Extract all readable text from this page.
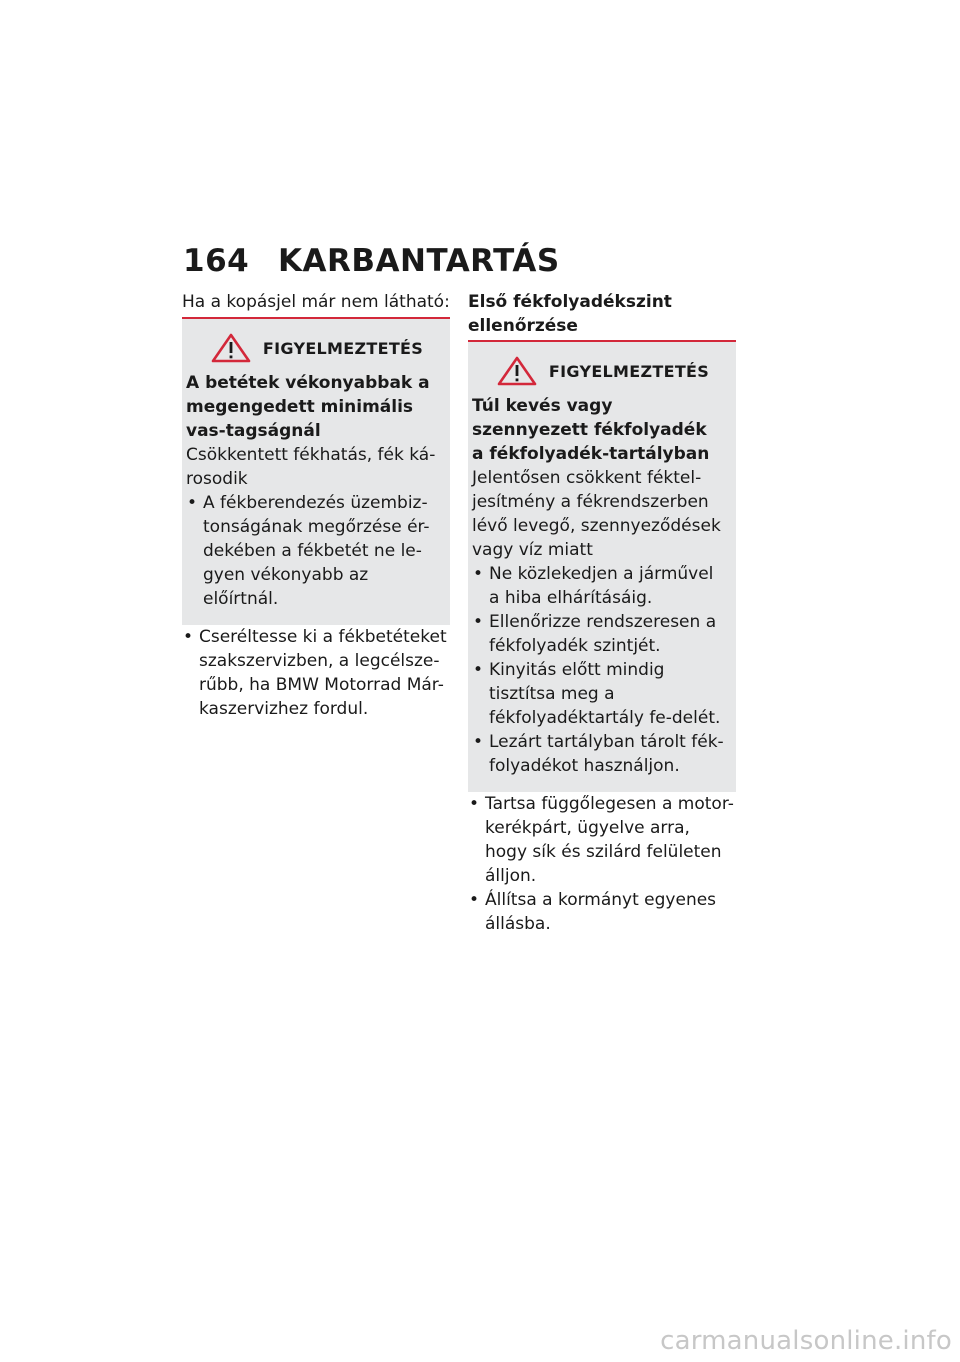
164 KARBANTARTÁS
Ha a kopásjel már nem látható:
FIGYELMEZTETÉS
A betétek vékonyabbak a megengedett minimális vas-tagságnál
Csökkentett fékhatás, fék ká-rosodik
• A fékberendezés üzembiz-tonságának megőrzése ér-dekében a fékbetét ne le-gyen vékonyabb az előírtnál.
• Cseréltesse ki a fékbetéteket szakszervizben, a legcélsze-rűbb, ha BMW Motorrad Már-kaszervizhez fordul.
Első fékfolyadékszint ellenőrzése
FIGYELMEZTETÉS
Túl kevés vagy szennyezett fékfolyadék a fékfolyadék-tartályban
Jelentősen csökkent féktel-jesítmény a fékrendszerben lévő levegő, szennyeződések vagy víz miatt
• Ne közlekedjen a járművel a hiba elhárításáig.
• Ellenőrizze rendszeresen a fékfolyadék szintjét.
• Kinyitás előtt mindig tisztítsa meg a fékfolyadéktartály fe-delét.
• Lezárt tartályban tárolt fék-folyadékot használjon.
• Tartsa függőlegesen a motor-kerékpárt, ügyelve arra, hogy sík és szilárd felületen álljon.
• Állítsa a kormányt egyenes állásba.
carmanualsonline.info
